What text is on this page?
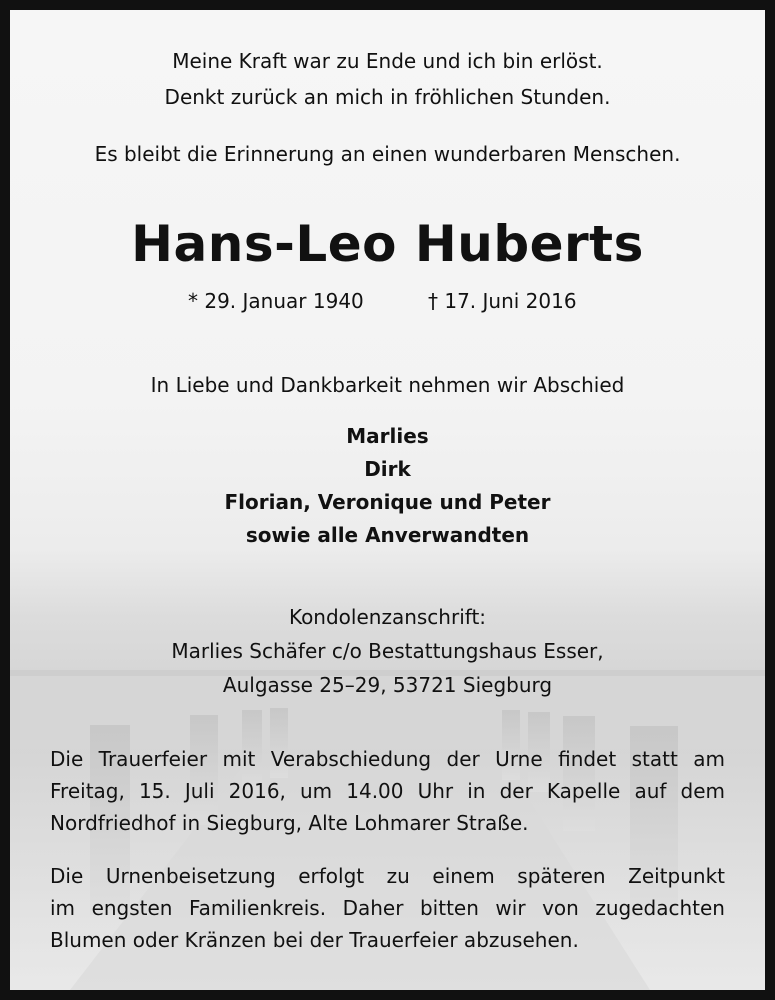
Meine Kraft war zu Ende und ich bin erlöst.
Denkt zurück an mich in fröhlichen Stunden.
Es bleibt die Erinnerung an einen wunderbaren Menschen.
Hans-Leo Huberts
* 29. Januar 1940	† 17. Juni 2016
In Liebe und Dankbarkeit nehmen wir Abschied
Marlies
Dirk
Florian, Veronique und Peter
sowie alle Anverwandten
Kondolenzanschrift:
Marlies Schäfer c/o Bestattungshaus Esser,
Aulgasse 25–29, 53721 Siegburg
Die Trauerfeier mit Verabschiedung der Urne findet statt am
Freitag, 15. Juli 2016, um 14.00 Uhr in der Kapelle auf dem
Nordfriedhof in Siegburg, Alte Lohmarer Straße.
Die Urnenbeisetzung erfolgt zu einem späteren Zeitpunkt
im engsten Familienkreis. Daher bitten wir von zugedachten
Blumen oder Kränzen bei der Trauerfeier abzusehen.
